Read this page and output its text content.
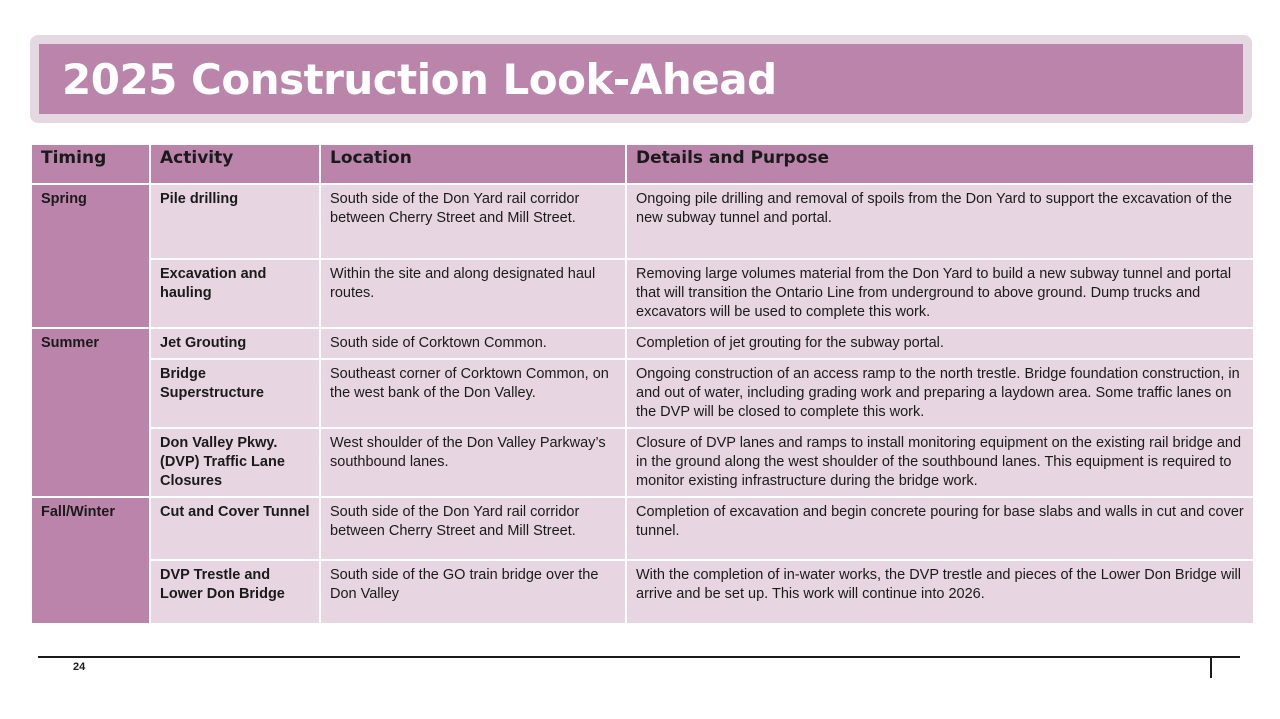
2025 Construction Look-Ahead
Timing	Activity	Location	Details and Purpose
Spring	Pile drilling	South side of the Don Yard rail corridor between Cherry Street and Mill Street.	Ongoing pile drilling and removal of spoils from the Don Yard to support the excavation of the new subway tunnel and portal.
	Excavation and hauling	Within the site and along designated haul routes.	Removing large volumes material from the Don Yard to build a new subway tunnel and portal that will transition the Ontario Line from underground to above ground. Dump trucks and excavators will be used to complete this work.
Summer	Jet Grouting	South side of Corktown Common.	Completion of jet grouting for the subway portal.
	Bridge Superstructure	Southeast corner of Corktown Common, on the west bank of the Don Valley.	Ongoing construction of an access ramp to the north trestle. Bridge foundation construction, in and out of water, including grading work and preparing a laydown area. Some traffic lanes on the DVP will be closed to complete this work.
	Don Valley Pkwy. (DVP) Traffic Lane Closures	West shoulder of the Don Valley Parkway’s southbound lanes.	Closure of DVP lanes and ramps to install monitoring equipment on the existing rail bridge and in the ground along the west shoulder of the southbound lanes. This equipment is required to monitor existing infrastructure during the bridge work.
Fall/Winter	Cut and Cover Tunnel	South side of the Don Yard rail corridor between Cherry Street and Mill Street.	Completion of excavation and begin concrete pouring for base slabs and walls in cut and cover tunnel.
	DVP Trestle and Lower Don Bridge	South side of the GO train bridge over the Don Valley	With the completion of in-water works, the DVP trestle and pieces of the Lower Don Bridge will arrive and be set up. This work will continue into 2026.
24
